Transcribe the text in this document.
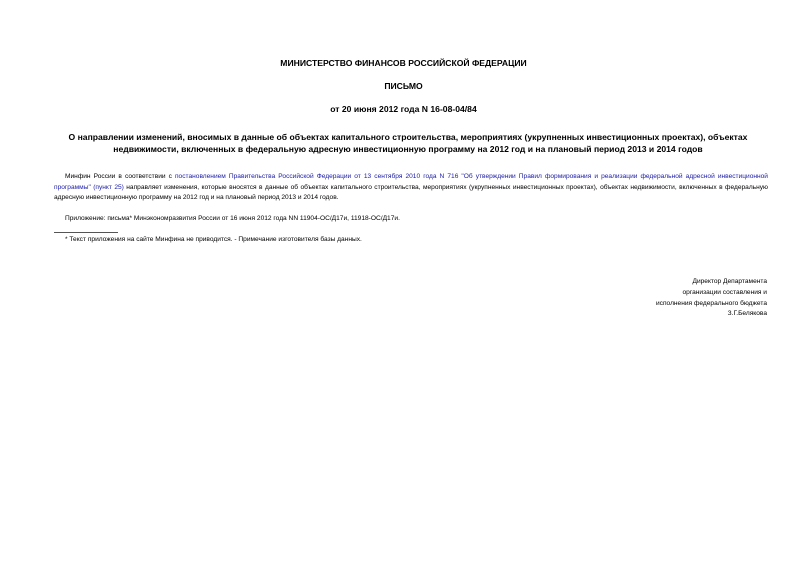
МИНИСТЕРСТВО ФИНАНСОВ РОССИЙСКОЙ ФЕДЕРАЦИИ
ПИСЬМО
от 20 июня 2012 года N 16-08-04/84
О направлении изменений, вносимых в данные об объектах капитального строительства, мероприятиях (укрупненных инвестиционных проектах), объектах недвижимости, включенных в федеральную адресную инвестиционную программу на 2012 год и на плановый период 2013 и 2014 годов
Минфин России в соответствии с постановлением Правительства Российской Федерации от 13 сентября 2010 года N 716 "Об утверждении Правил формирования и реализации федеральной адресной инвестиционной программы" (пункт 25) направляет изменения, которые вносятся в данные об объектах капитального строительства, мероприятиях (укрупненных инвестиционных проектах), объектах недвижимости, включенных в федеральную адресную инвестиционную программу на 2012 год и на плановый период 2013 и 2014 годов.
Приложение: письма* Минэкономразвития России от 16 июня 2012 года NN 11904-ОС/Д17и, 11918-ОС/Д17и.
* Текст приложения на сайте Минфина не приводится. - Примечание изготовителя базы данных.
Директор Департамента
организации составления и
исполнения федерального бюджета
З.Г.Белякова
